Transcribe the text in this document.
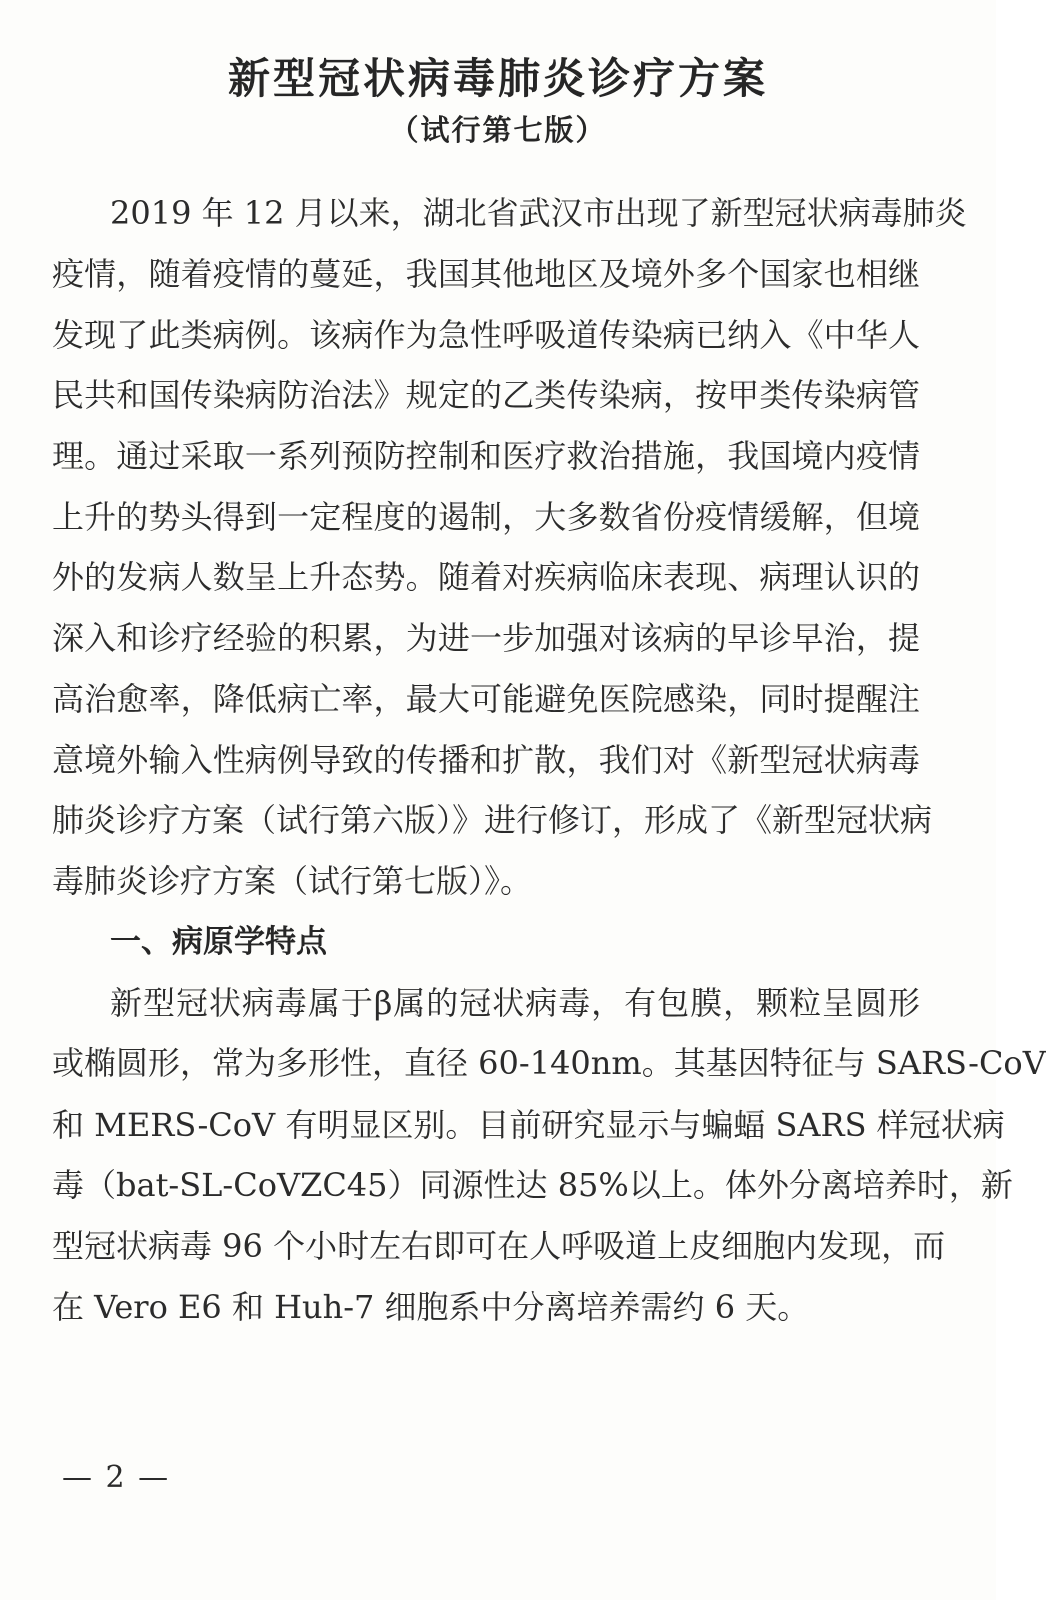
新型冠状病毒肺炎诊疗方案
（试行第七版）
2019 年 12 月以来，湖北省武汉市出现了新型冠状病毒肺炎
疫情，随着疫情的蔓延，我国其他地区及境外多个国家也相继
发现了此类病例。该病作为急性呼吸道传染病已纳入《中华人
民共和国传染病防治法》规定的乙类传染病，按甲类传染病管
理。通过采取一系列预防控制和医疗救治措施，我国境内疫情
上升的势头得到一定程度的遏制，大多数省份疫情缓解，但境
外的发病人数呈上升态势。随着对疾病临床表现、病理认识的
深入和诊疗经验的积累，为进一步加强对该病的早诊早治，提
高治愈率，降低病亡率，最大可能避免医院感染，同时提醒注
意境外输入性病例导致的传播和扩散，我们对《新型冠状病毒
肺炎诊疗方案（试行第六版）》进行修订，形成了《新型冠状病
毒肺炎诊疗方案（试行第七版）》。
一、病原学特点
新型冠状病毒属于β属的冠状病毒，有包膜，颗粒呈圆形
或椭圆形，常为多形性，直径 60-140nm。其基因特征与 SARS-CoV
和 MERS-CoV 有明显区别。目前研究显示与蝙蝠 SARS 样冠状病
毒（bat-SL-CoVZC45）同源性达 85%以上。体外分离培养时，新
型冠状病毒 96 个小时左右即可在人呼吸道上皮细胞内发现，而
在 Vero E6 和 Huh-7 细胞系中分离培养需约 6 天。
— 2 —
